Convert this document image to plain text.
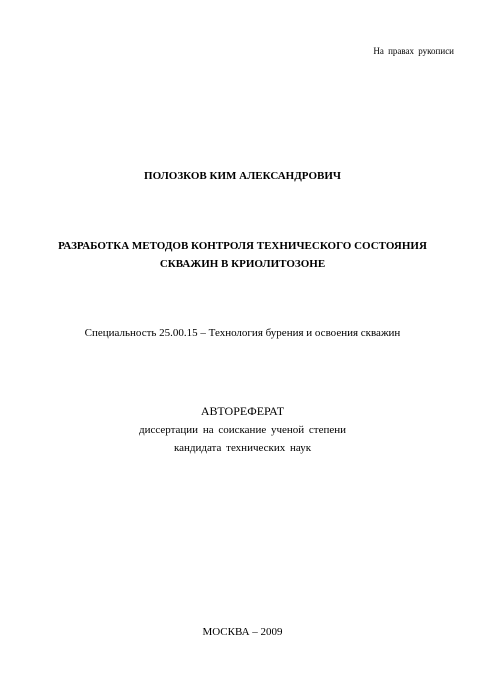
На правах рукописи
ПОЛОЗКОВ КИМ АЛЕКСАНДРОВИЧ
РАЗРАБОТКА МЕТОДОВ КОНТРОЛЯ ТЕХНИЧЕСКОГО СОСТОЯНИЯ
СКВАЖИН В КРИОЛИТОЗОНЕ
Специальность 25.00.15 – Технология бурения и освоения скважин
АВТОРЕФЕРАТ
диссертации на соискание ученой степени
кандидата технических наук
МОСКВА – 2009
